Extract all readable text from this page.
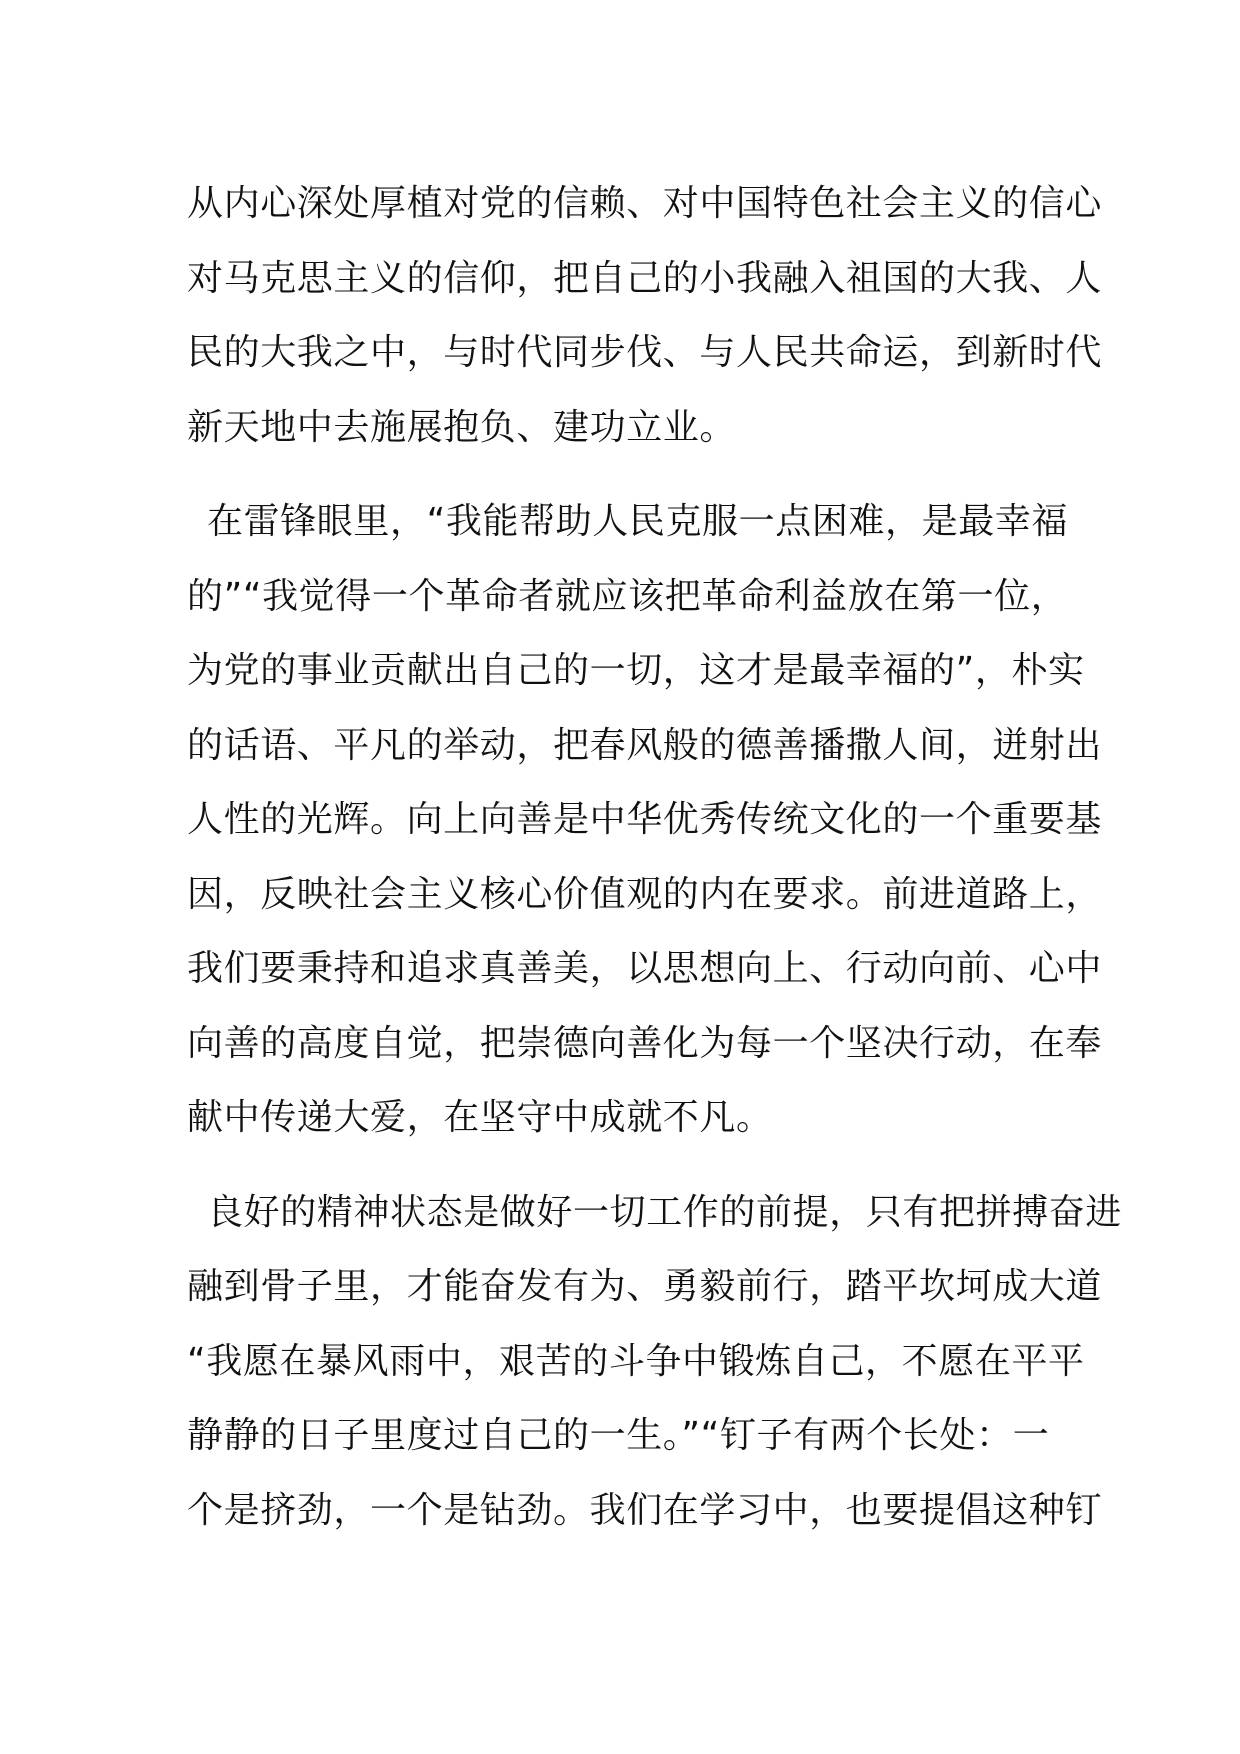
从内心深处厚植对党的信赖、对中国特色社会主义的信心
对马克思主义的信仰，把自己的小我融入祖国的大我、人
民的大我之中，与时代同步伐、与人民共命运，到新时代
新天地中去施展抱负、建功立业。

在雷锋眼里，“我能帮助人民克服一点困难，是最幸福
的”“我觉得一个革命者就应该把革命利益放在第一位，
为党的事业贡献出自己的一切，这才是最幸福的”，朴实
的话语、平凡的举动，把春风般的德善播撒人间，迸射出
人性的光辉。向上向善是中华优秀传统文化的一个重要基
因，反映社会主义核心价值观的内在要求。前进道路上，
我们要秉持和追求真善美，以思想向上、行动向前、心中
向善的高度自觉，把崇德向善化为每一个坚决行动，在奉
献中传递大爱，在坚守中成就不凡。

良好的精神状态是做好一切工作的前提，只有把拼搏奋进
融到骨子里，才能奋发有为、勇毅前行，踏平坎坷成大道
“我愿在暴风雨中，艰苦的斗争中锻炼自己，不愿在平平
静静的日子里度过自己的一生。”“钉子有两个长处：一
个是挤劲，一个是钻劲。我们在学习中，也要提倡这种钉
